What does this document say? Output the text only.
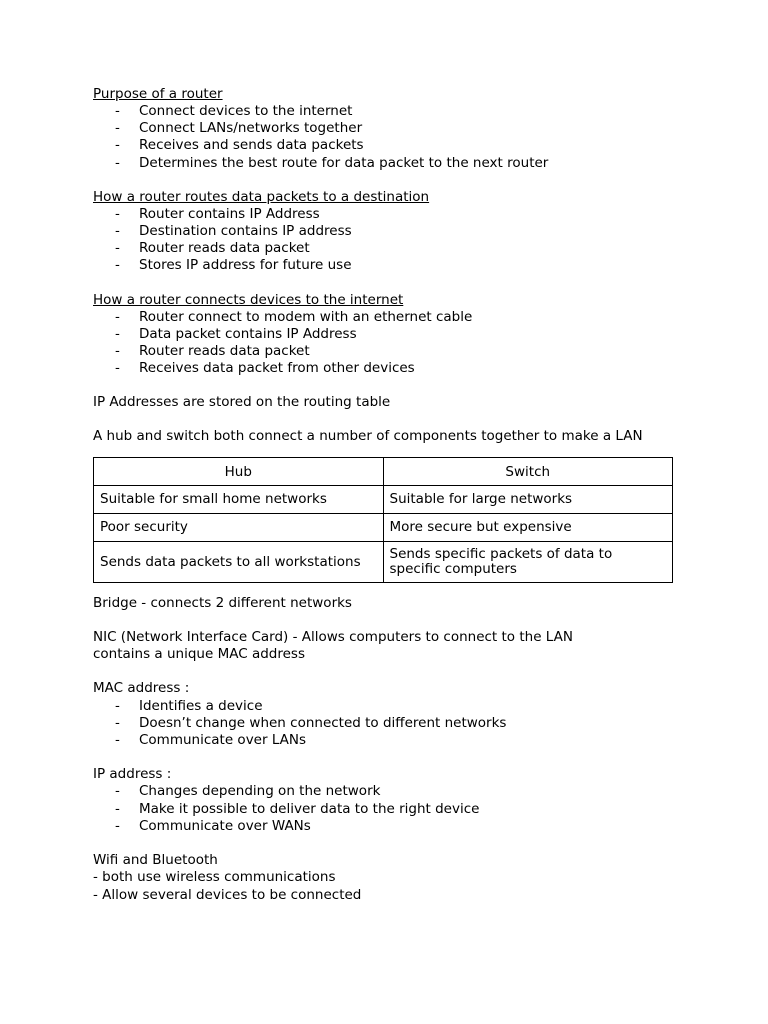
Purpose of a router
- Connect devices to the internet
- Connect LANs/networks together
- Receives and sends data packets
- Determines the best route for data packet to the next router
How a router routes data packets to a destination
- Router contains IP Address
- Destination contains IP address
- Router reads data packet
- Stores IP address for future use
How a router connects devices to the internet
- Router connect to modem with an ethernet cable
- Data packet contains IP Address
- Router reads data packet
- Receives data packet from other devices
IP Addresses are stored on the routing table
A hub and switch both connect a number of components together to make a LAN
Hub	Switch
Suitable for small home networks	Suitable for large networks
Poor security	More secure but expensive
Sends data packets to all workstations	Sends specific packets of data to specific computers
Bridge - connects 2 different networks
NIC (Network Interface Card) - Allows computers to connect to the LAN contains a unique MAC address
MAC address :
- Identifies a device
- Doesn’t change when connected to different networks
- Communicate over LANs
IP address :
- Changes depending on the network
- Make it possible to deliver data to the right device
- Communicate over WANs
Wifi and Bluetooth
- both use wireless communications
- Allow several devices to be connected
